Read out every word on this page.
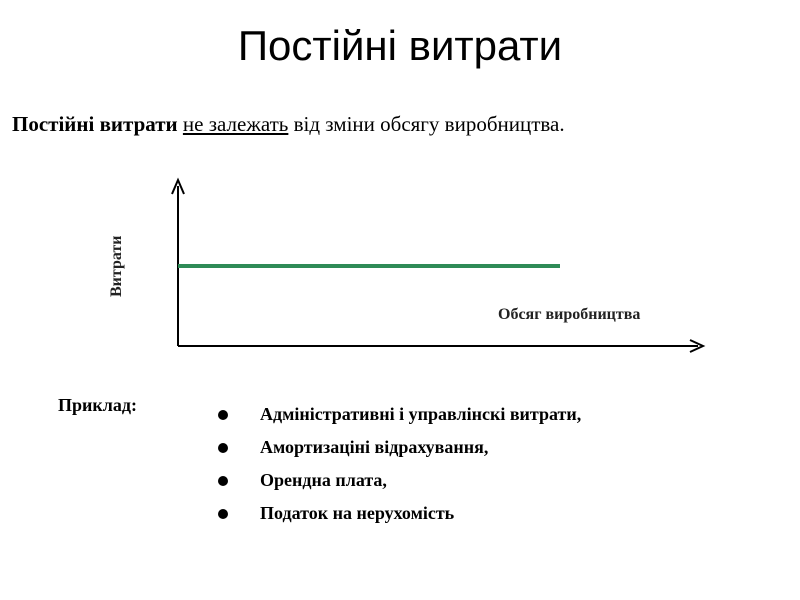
Постійні витрати
Постійні витрати не залежать від зміни обсягу виробництва.
Витрати
Обсяг виробництва
Приклад:	Адміністративні і управлінскі витрати,
Амортизаціні відрахування,
Орендна плата,
Податок на нерухомість
